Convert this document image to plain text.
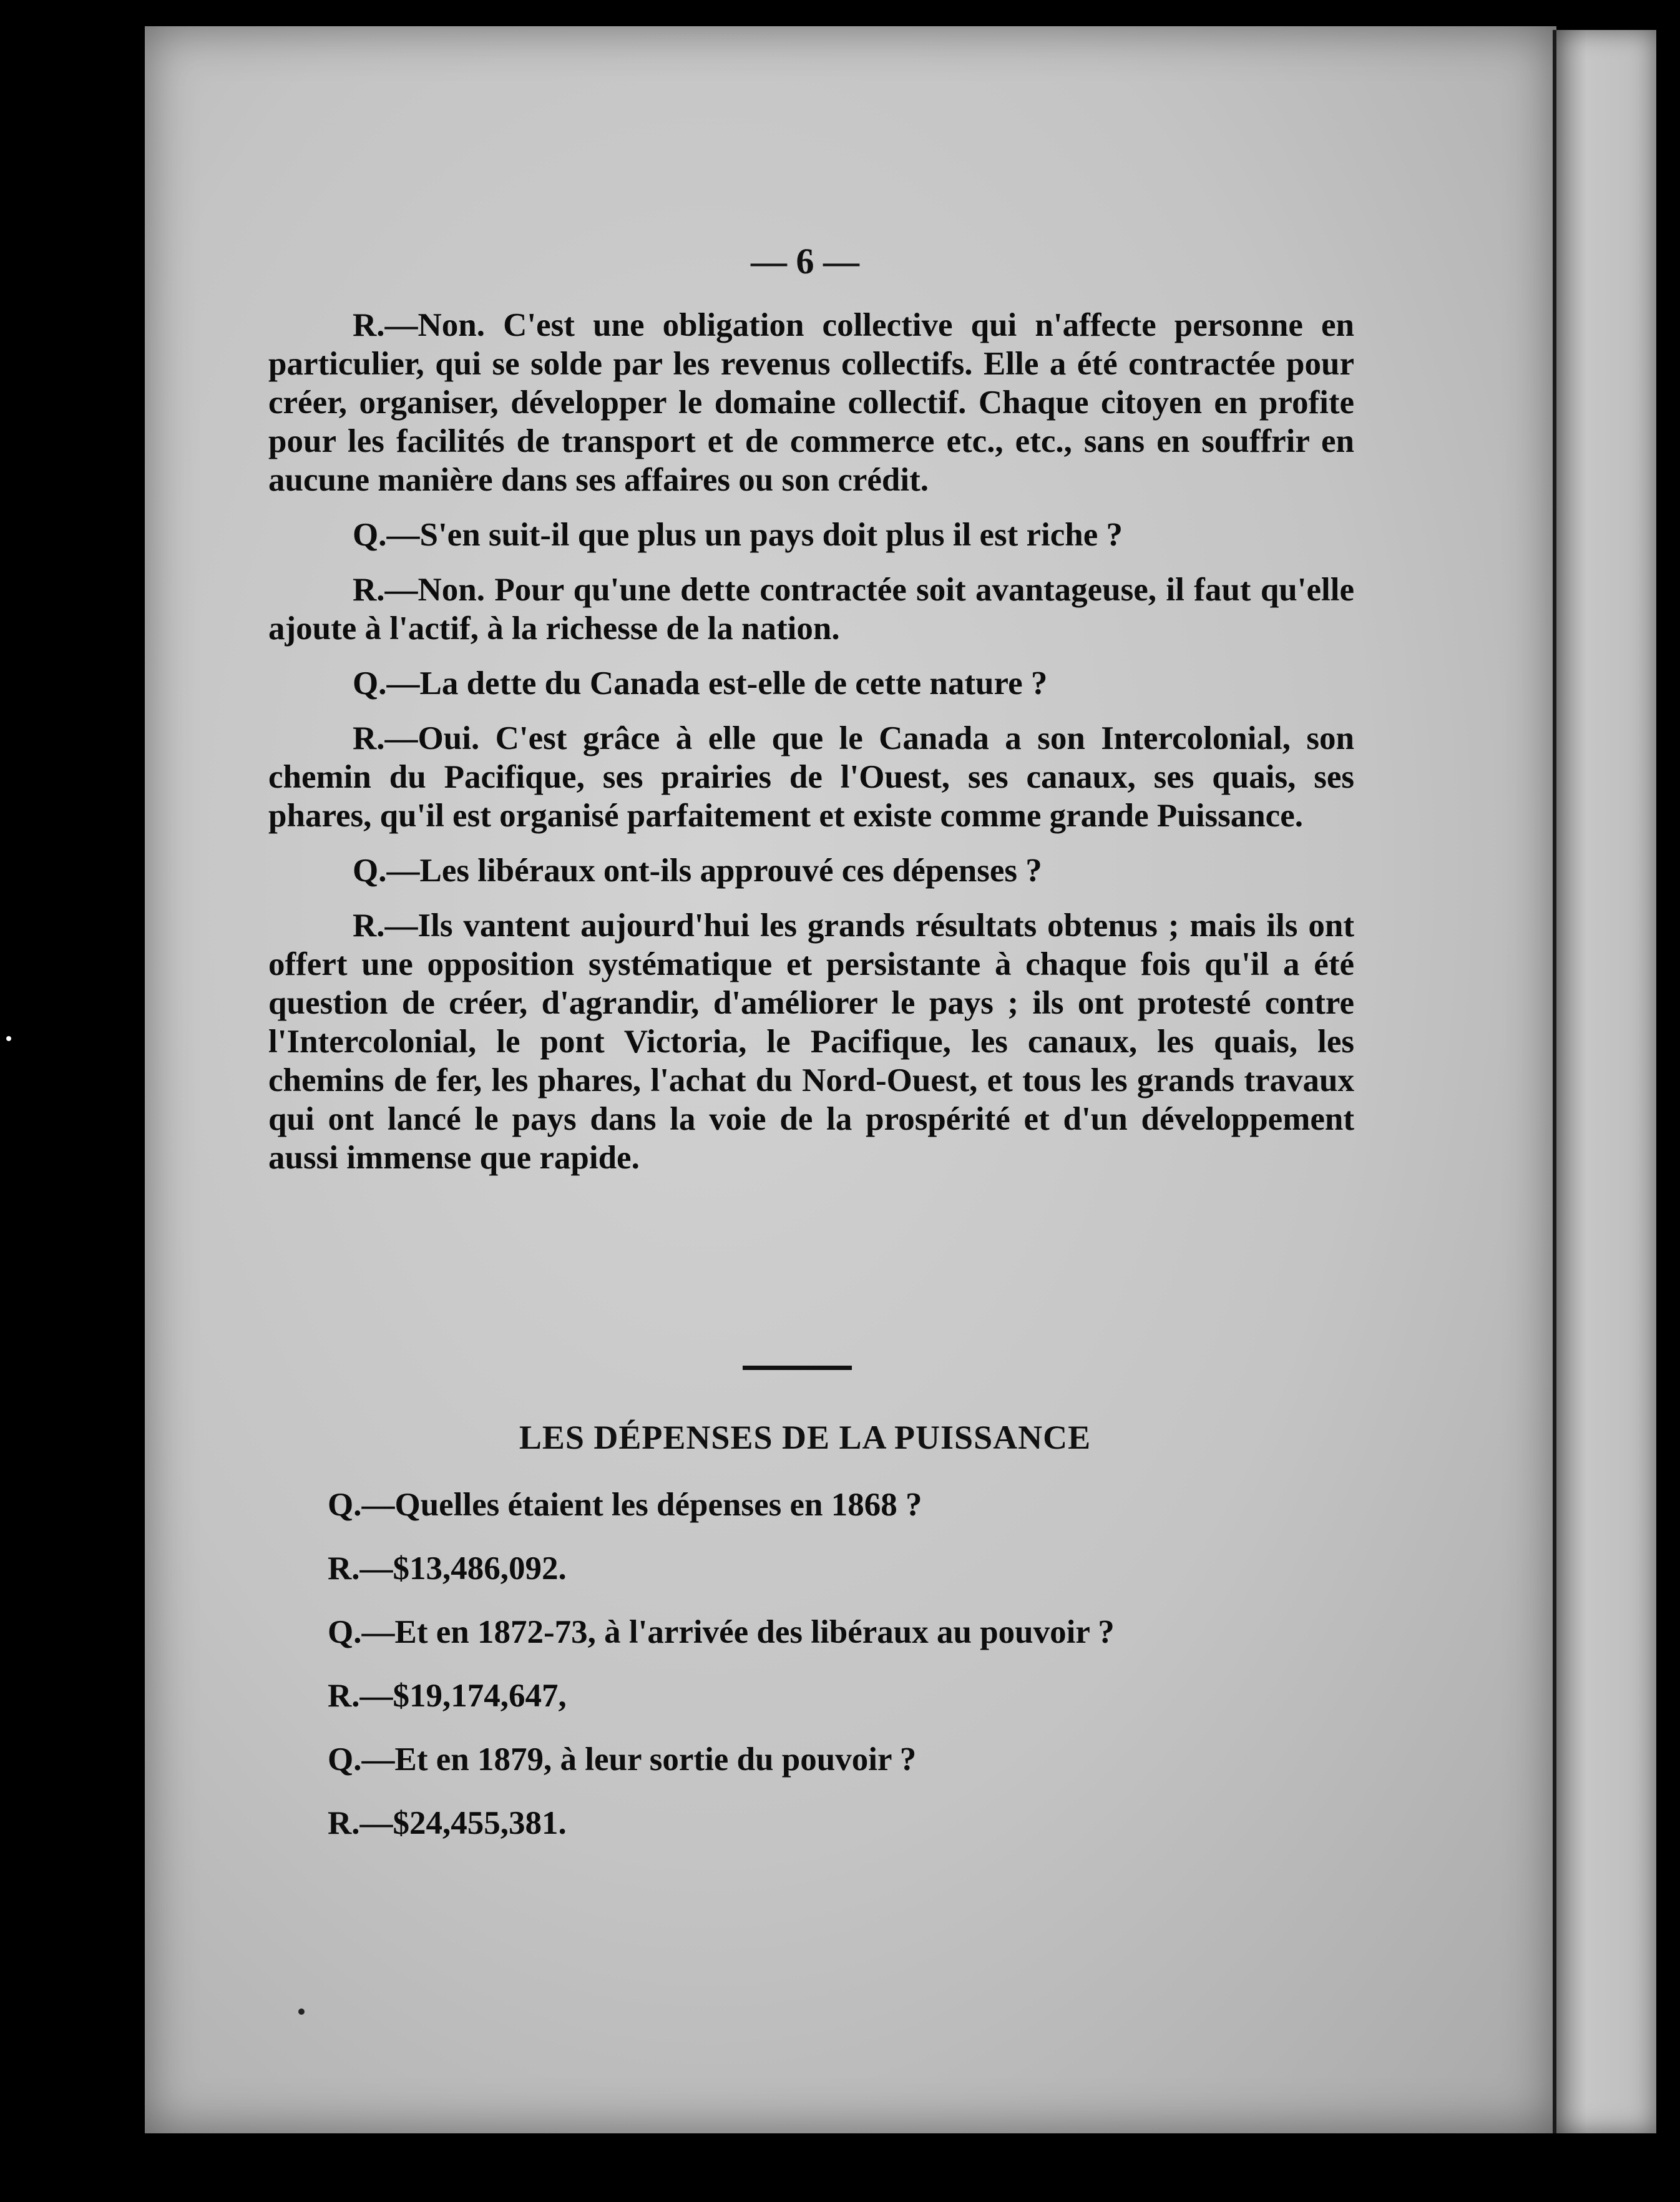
— 6 —

R.—Non. C'est une obligation collective qui n'affecte personne en particulier, qui se solde par les revenus collectifs. Elle a été contractée pour créer, organiser, développer le domaine collectif. Chaque citoyen en profite pour les facilités de transport et de commerce etc., etc., sans en souffrir en aucune manière dans ses affaires ou son crédit.

Q.—S'en suit-il que plus un pays doit plus il est riche ?

R.—Non. Pour qu'une dette contractée soit avantageuse, il faut qu'elle ajoute à l'actif, à la richesse de la nation.

Q.—La dette du Canada est-elle de cette nature ?

R.—Oui. C'est grâce à elle que le Canada a son Intercolonial, son chemin du Pacifique, ses prairies de l'Ouest, ses canaux, ses quais, ses phares, qu'il est organisé parfaitement et existe comme grande Puissance.

Q.—Les libéraux ont-ils approuvé ces dépenses ?

R.—Ils vantent aujourd'hui les grands résultats obtenus ; mais ils ont offert une opposition systématique et persistante à chaque fois qu'il a été question de créer, d'agrandir, d'améliorer le pays ; ils ont protesté contre l'Intercolonial, le pont Victoria, le Pacifique, les canaux, les quais, les chemins de fer, les phares, l'achat du Nord-Ouest, et tous les grands travaux qui ont lancé le pays dans la voie de la prospérité et d'un développement aussi immense que rapide.

LES DÉPENSES DE LA PUISSANCE
Q.—Quelles étaient les dépenses en 1868 ?
R.—$13,486,092.
Q.—Et en 1872-73, à l'arrivée des libéraux au pouvoir ?
R.—$19,174,647,
Q.—Et en 1879, à leur sortie du pouvoir ?
R.—$24,455,381.
